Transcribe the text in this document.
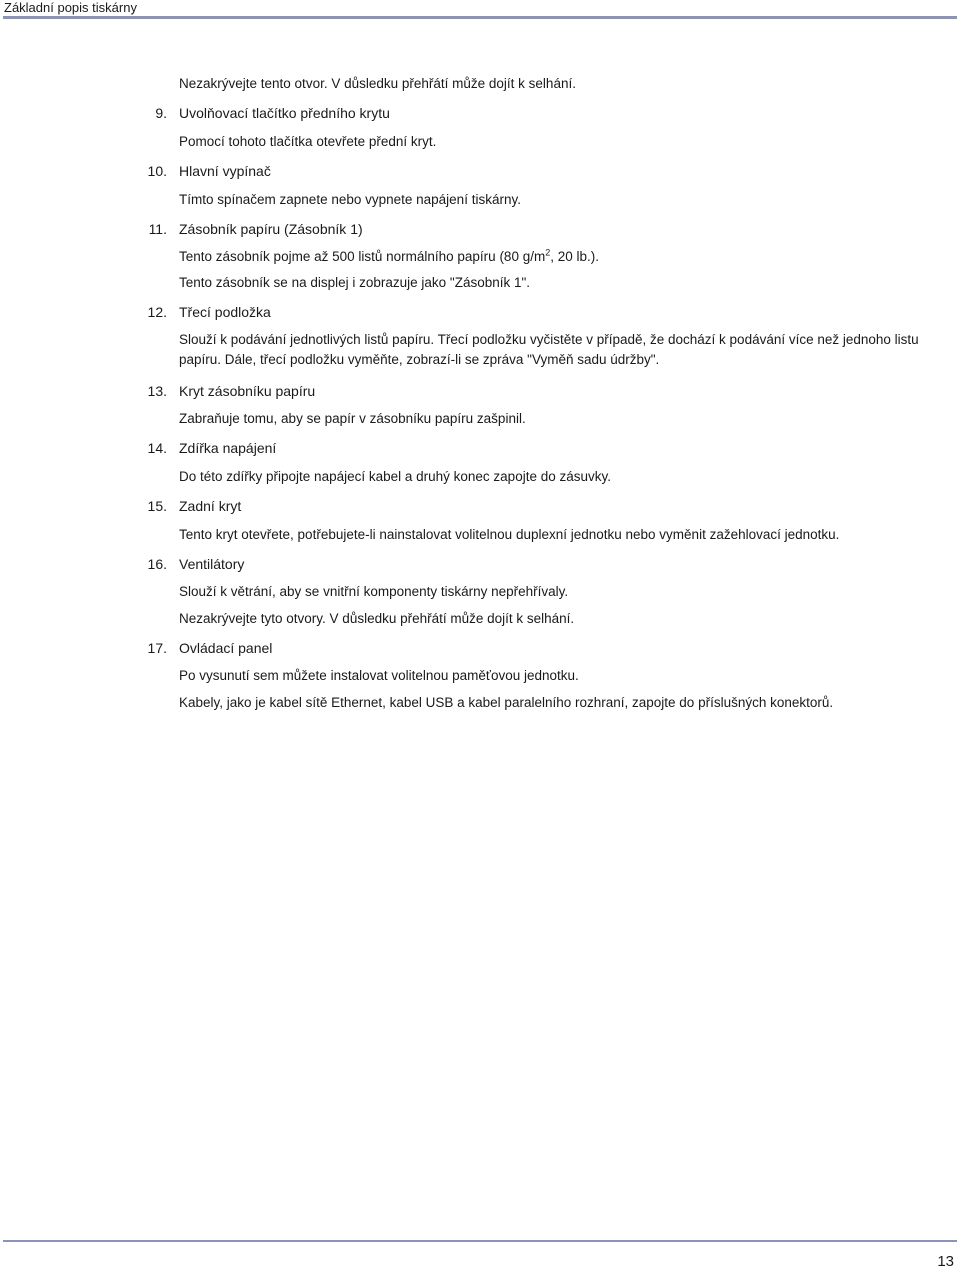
Základní popis tiskárny
Nezakrývejte tento otvor. V důsledku přehřátí může dojít k selhání.
9. Uvolňovací tlačítko předního krytu
Pomocí tohoto tlačítka otevřete přední kryt.
10. Hlavní vypínač
Tímto spínačem zapnete nebo vypnete napájení tiskárny.
11. Zásobník papíru (Zásobník 1)
Tento zásobník pojme až 500 listů normálního papíru (80 $g/m^2$, 20 lb.).
Tento zásobník se na displej i zobrazuje jako "Zásobník 1".
12. Třecí podložka
Slouží k podávání jednotlivých listů papíru. Třecí podložku vyčistěte v případě, že dochází k podávání více než jednoho listu papíru. Dále, třecí podložku vyměňte, zobrazí-li se zpráva "Vyměň sadu údržby".
13. Kryt zásobníku papíru
Zabraňuje tomu, aby se papír v zásobníku papíru zašpinil.
14. Zdířka napájení
Do této zdířky připojte napájecí kabel a druhý konec zapojte do zásuvky.
15. Zadní kryt
Tento kryt otevřete, potřebujete-li nainstalovat volitelnou duplexní jednotku nebo vyměnit zažehlovací jednotku.
16. Ventilátory
Slouží k větrání, aby se vnitřní komponenty tiskárny nepřehřívaly.
Nezakrývejte tyto otvory. V důsledku přehřátí může dojít k selhání.
17. Ovládací panel
Po vysunutí sem můžete instalovat volitelnou paměťovou jednotku.
Kabely, jako je kabel sítě Ethernet, kabel USB a kabel paralelního rozhraní, zapojte do příslušných konektorů.
13
